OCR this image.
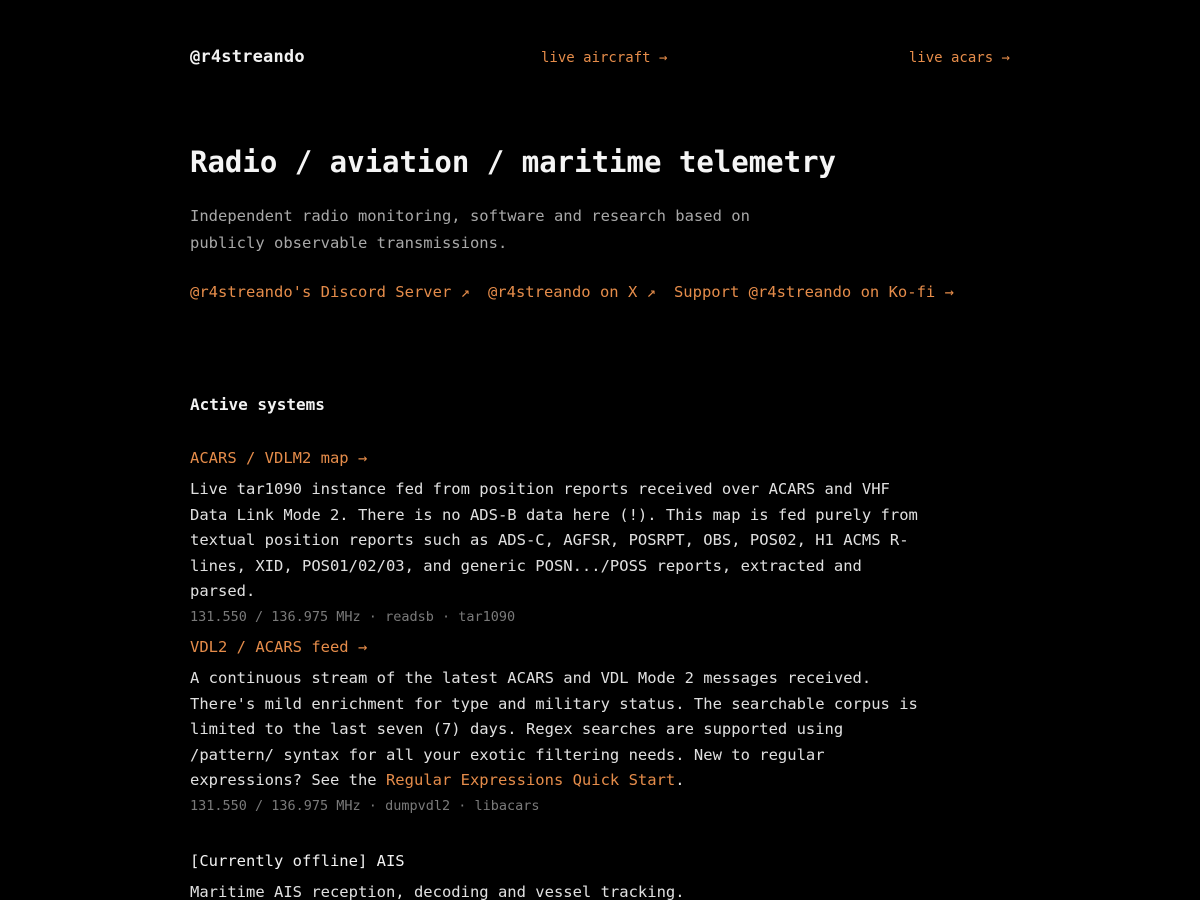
@r4streando	live aircraft →	live acars →
Radio / aviation / maritime telemetry

Independent radio monitoring, software and research based on publicly observable transmissions.

@r4streando's Discord Server ↗ @r4streando on X ↗ Support @r4streando on Ko-fi →
Active systems
ACARS / VDLM2 map →

Live tar1090 instance fed from position reports received over ACARS and VHF Data Link Mode 2. There is no ADS-B data here (!). This map is fed purely from textual position reports such as ADS-C, AGFSR, POSRPT, OBS, POS02, H1 ACMS R-lines, XID, POS01/02/03, and generic POSN.../POSS reports, extracted and parsed.

131.550 / 136.975 MHz · readsb · tar1090
VDL2 / ACARS feed →

A continuous stream of the latest ACARS and VDL Mode 2 messages received. There's mild enrichment for type and military status. The searchable corpus is limited to the last seven (7) days. Regex searches are supported using /pattern/ syntax for all your exotic filtering needs. New to regular expressions? See the Regular Expressions Quick Start.

131.550 / 136.975 MHz · dumpvdl2 · libacars
[Currently offline] AIS

Maritime AIS reception, decoding and vessel tracking.
